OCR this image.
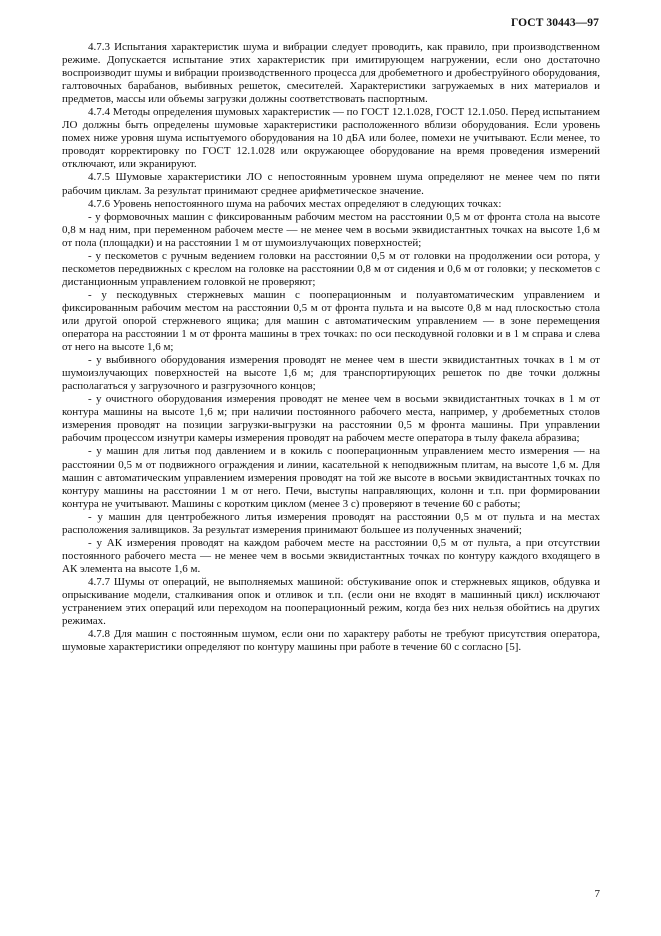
ГОСТ 30443—97

4.7.3 Испытания характеристик шума и вибрации следует проводить, как правило, при производственном режиме. Допускается испытание этих характеристик при имитирующем нагружении, если оно достаточно воспроизводит шумы и вибрации производственного процесса для дробеметного и дробеструйного оборудования, галтовочных барабанов, выбивных решеток, смесителей. Характеристики загружаемых в них материалов и предметов, массы или объемы загрузки должны соответствовать паспортным.

4.7.4 Методы определения шумовых характеристик — по ГОСТ 12.1.028, ГОСТ 12.1.050. Перед испытанием ЛО должны быть определены шумовые характеристики расположенного вблизи оборудования. Если уровень помех ниже уровня шума испытуемого оборудования на 10 дБА или более, помехи не учитывают. Если менее, то проводят корректировку по ГОСТ 12.1.028 или окружающее оборудование на время проведения измерений отключают, или экранируют.

4.7.5 Шумовые характеристики ЛО с непостоянным уровнем шума определяют не менее чем по пяти рабочим циклам. За результат принимают среднее арифметическое значение.

4.7.6 Уровень непостоянного шума на рабочих местах определяют в следующих точках:

- у формовочных машин с фиксированным рабочим местом на расстоянии 0,5 м от фронта стола на высоте 0,8 м над ним, при переменном рабочем месте — не менее чем в восьми эквидистантных точках на высоте 1,6 м от пола (площадки) и на расстоянии 1 м от шумоизлучающих поверхностей;

- у пескометов с ручным ведением головки на расстоянии 0,5 м от головки на продолжении оси ротора, у пескометов передвижных с креслом на головке на расстоянии 0,8 м от сидения и 0,6 м от головки; у пескометов с дистанционным управлением головкой не проверяют;

- у пескодувных стержневых машин с пооперационным и полуавтоматическим управлением и фиксированным рабочим местом на расстоянии 0,5 м от фронта пульта и на высоте 0,8 м над плоскостью стола или другой опорой стержневого ящика; для машин с автоматическим управлением — в зоне перемещения оператора на расстоянии 1 м от фронта машины в трех точках: по оси пескодувной головки и в 1 м справа и слева от него на высоте 1,6 м;

- у выбивного оборудования измерения проводят не менее чем в шести эквидистантных точках в 1 м от шумоизлучающих поверхностей на высоте 1,6 м; для транспортирующих решеток по две точки должны располагаться у загрузочного и разгрузочного концов;

- у очистного оборудования измерения проводят не менее чем в восьми эквидистантных точках в 1 м от контура машины на высоте 1,6 м; при наличии постоянного рабочего места, например, у дробеметных столов измерения проводят на позиции загрузки-выгрузки на расстоянии 0,5 м фронта машины. При управлении рабочим процессом изнутри камеры измерения проводят на рабочем месте оператора в тылу факела абразива;

- у машин для литья под давлением и в кокиль с пооперационным управлением место измерения — на расстоянии 0,5 м от подвижного ограждения и линии, касательной к неподвижным плитам, на высоте 1,6 м. Для машин с автоматическим управлением измерения проводят на той же высоте в восьми эквидистантных точках по контуру машины на расстоянии 1 м от него. Печи, выступы направляющих, колонн и т.п. при формировании контура не учитывают. Машины с коротким циклом (менее 3 с) проверяют в течение 60 с работы;

- у машин для центробежного литья измерения проводят на расстоянии 0,5 м от пульта и на местах расположения заливщиков. За результат измерения принимают большее из полученных значений;

- у АК измерения проводят на каждом рабочем месте на расстоянии 0,5 м от пульта, а при отсутствии постоянного рабочего места — не менее чем в восьми эквидистантных точках по контуру каждого входящего в АК элемента на высоте 1,6 м.

4.7.7 Шумы от операций, не выполняемых машиной: обстукивание опок и стержневых ящиков, обдувка и опрыскивание модели, сталкивания опок и отливок и т.п. (если они не входят в машинный цикл) исключают устранением этих операций или переходом на пооперационный режим, когда без них нельзя обойтись на других режимах.

4.7.8 Для машин с постоянным шумом, если они по характеру работы не требуют присутствия оператора, шумовые характеристики определяют по контуру машины при работе в течение 60 с согласно [5].

7
